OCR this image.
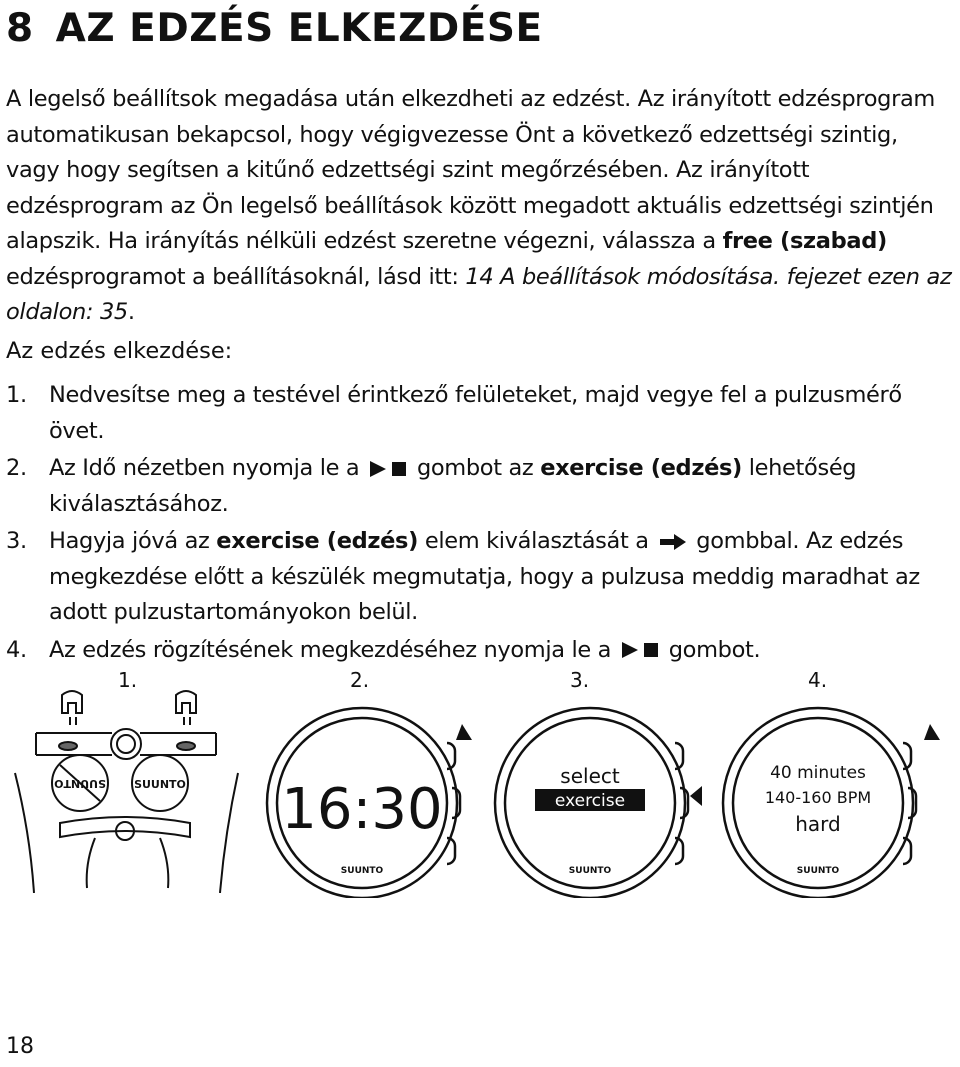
8 AZ EDZÉS ELKEZDÉSE

A legelső beállítsok megadása után elkezdheti az edzést. Az irányított edzésprogram automatikusan bekapcsol, hogy végigvezesse Önt a következő edzettségi szintig, vagy hogy segítsen a kitűnő edzettségi szint megőrzésében. Az irányított edzésprogram az Ön legelső beállítások között megadott aktuális edzettségi szintjén alapszik. Ha irányítás nélküli edzést szeretne végezni, válassza a free (szabad) edzésprogramot a beállításoknál, lásd itt: 14 A beállítások módosítása. fejezet ezen az oldalon: 35.

Az edzés elkezdése:

1. Nedvesítse meg a testével érintkező felületeket, majd vegye fel a pulzusmérő övet.
2. Az Idő nézetben nyomja le a  gombot az exercise (edzés) lehetőség kiválasztásához.
3. Hagyja jóvá az exercise (edzés) elem kiválasztását a  gombbal. Az edzés megkezdése előtt a készülék megmutatja, hogy a pulzusa meddig maradhat az adott pulzustartományokon belül.
4. Az edzés rögzítésének megkezdéséhez nyomja le a  gombot.
1.	2.	3.	4.
SUUNTO	SUUNTO 16:30
SUUNTO
select
exercise
SUUNTO
40 minutes
140-160 BPM
hard
SUUNTO

18
